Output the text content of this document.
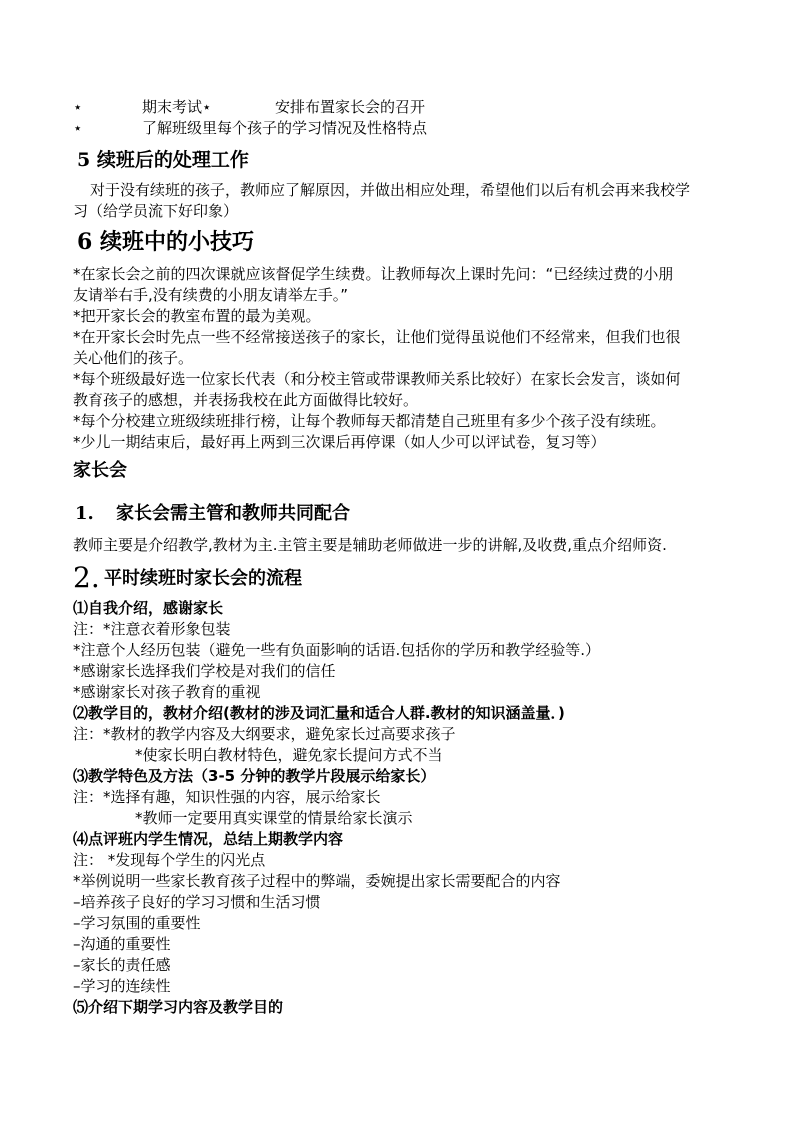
⋆	期末考试⋆	安排布置家长会的召开
⋆	了解班级里每个孩子的学习情况及性格特点
5 续班后的处理工作
对于没有续班的孩子，教师应了解原因，并做出相应处理，希望他们以后有机会再来我校学
习（给学员流下好印象）
6 续班中的小技巧
*在家长会之前的四次课就应该督促学生续费。让教师每次上课时先问：“已经续过费的小朋
友请举右手,没有续费的小朋友请举左手。”
*把开家长会的教室布置的最为美观。
*在开家长会时先点一些不经常接送孩子的家长，让他们觉得虽说他们不经常来，但我们也很
关心他们的孩子。
*每个班级最好选一位家长代表（和分校主管或带课教师关系比较好）在家长会发言，谈如何
教育孩子的感想，并表扬我校在此方面做得比较好。
*每个分校建立班级续班排行榜，让每个教师每天都清楚自己班里有多少个孩子没有续班。
*少儿一期结束后，最好再上两到三次课后再停课（如人少可以评试卷，复习等）
家长会
1. 家长会需主管和教师共同配合
教师主要是介绍教学,教材为主.主管主要是辅助老师做进一步的讲解,及收费,重点介绍师资.
2. 平时续班时家长会的流程
⑴自我介绍，感谢家长
注：*注意衣着形象包装
*注意个人经历包装（避免一些有负面影响的话语.包括你的学历和教学经验等.）
*感谢家长选择我们学校是对我们的信任
*感谢家长对孩子教育的重视
⑵教学目的，教材介绍(教材的涉及词汇量和适合人群.教材的知识涵盖量．)
注：*教材的教学内容及大纲要求，避免家长过高要求孩子
*使家长明白教材特色，避免家长提问方式不当
⑶教学特色及方法（3-5 分钟的教学片段展示给家长）
注：*选择有趣，知识性强的内容，展示给家长
*教师一定要用真实课堂的情景给家长演示
⑷点评班内学生情况，总结上期教学内容
注： *发现每个学生的闪光点
*举例说明一些家长教育孩子过程中的弊端，委婉提出家长需要配合的内容
–培养孩子良好的学习习惯和生活习惯
–学习氛围的重要性
–沟通的重要性
–家长的责任感
–学习的连续性
⑸介绍下期学习内容及教学目的
